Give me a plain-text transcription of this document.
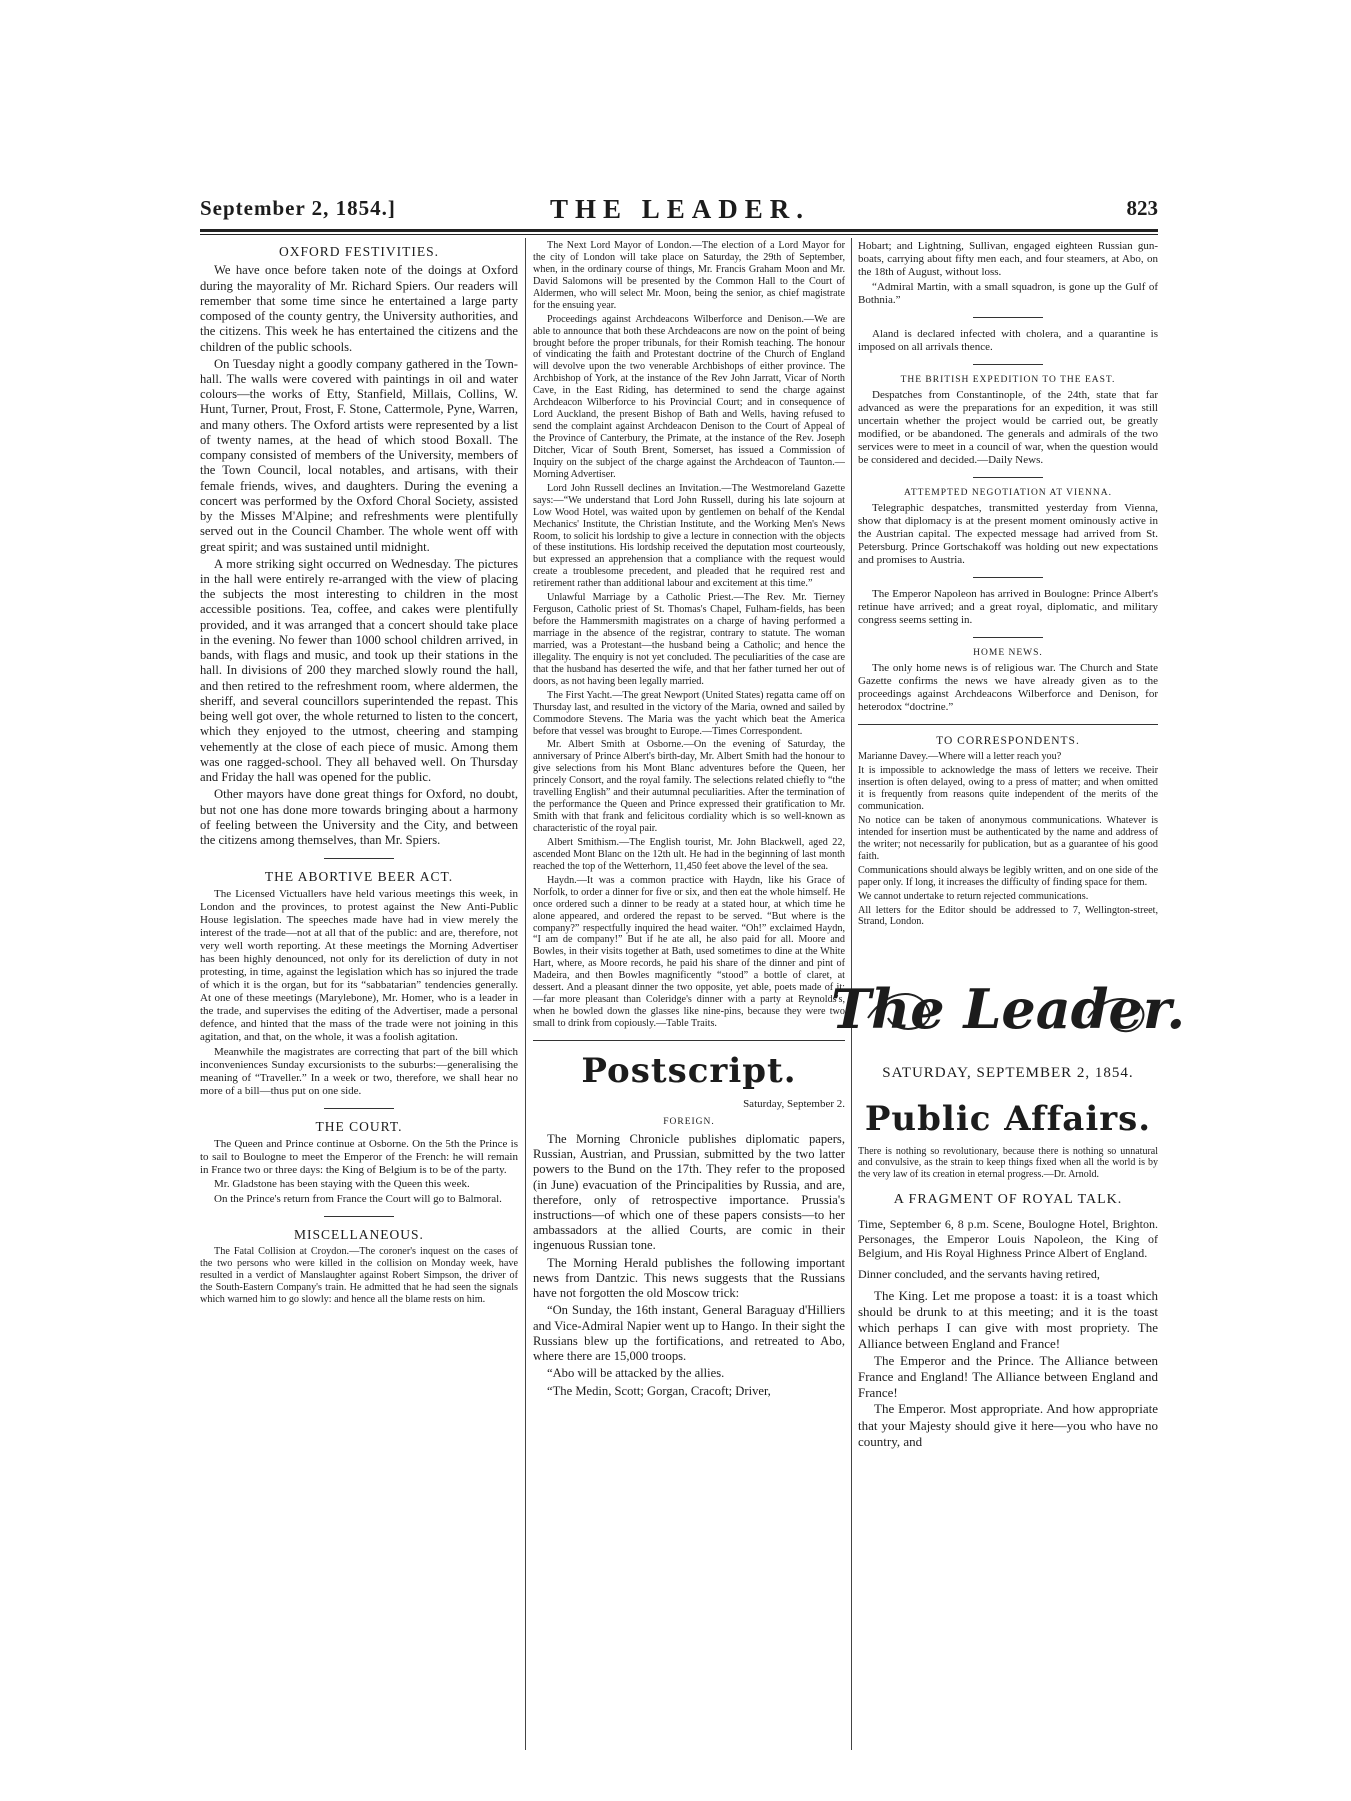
September 2, 1854.]	THE LEADER.	823
OXFORD FESTIVITIES.

We have once before taken note of the doings at Oxford during the mayorality of Mr. Richard Spiers. Our readers will remember that some time since he entertained a large party composed of the county gentry, the University authorities, and the citizens. This week he has entertained the citizens and the children of the public schools.

On Tuesday night a goodly company gathered in the Town-hall. The walls were covered with paintings in oil and water colours—the works of Etty, Stanfield, Millais, Collins, W. Hunt, Turner, Prout, Frost, F. Stone, Cattermole, Pyne, Warren, and many others. The Oxford artists were represented by a list of twenty names, at the head of which stood Boxall. The company consisted of members of the University, members of the Town Council, local notables, and artisans, with their female friends, wives, and daughters. During the evening a concert was performed by the Oxford Choral Society, assisted by the Misses M'Alpine; and refreshments were plentifully served out in the Council Chamber. The whole went off with great spirit; and was sustained until midnight.

A more striking sight occurred on Wednesday. The pictures in the hall were entirely re-arranged with the view of placing the subjects the most interesting to children in the most accessible positions. Tea, coffee, and cakes were plentifully provided, and it was arranged that a concert should take place in the evening. No fewer than 1000 school children arrived, in bands, with flags and music, and took up their stations in the hall. In divisions of 200 they marched slowly round the hall, and then retired to the refreshment room, where aldermen, the sheriff, and several councillors superintended the repast. This being well got over, the whole returned to listen to the concert, which they enjoyed to the utmost, cheering and stamping vehemently at the close of each piece of music. Among them was one ragged-school. They all behaved well. On Thursday and Friday the hall was opened for the public.

Other mayors have done great things for Oxford, no doubt, but not one has done more towards bringing about a harmony of feeling between the University and the City, and between the citizens among themselves, than Mr. Spiers.

THE ABORTIVE BEER ACT.

The Licensed Victuallers have held various meetings this week, in London and the provinces, to protest against the New Anti-Public House legislation. The speeches made have had in view merely the interest of the trade—not at all that of the public: and are, therefore, not very well worth reporting. At these meetings the Morning Advertiser has been highly denounced, not only for its dereliction of duty in not protesting, in time, against the legislation which has so injured the trade of which it is the organ, but for its “sabbatarian” tendencies generally. At one of these meetings (Marylebone), Mr. Homer, who is a leader in the trade, and supervises the editing of the Advertiser, made a personal defence, and hinted that the mass of the trade were not joining in this agitation, and that, on the whole, it was a foolish agitation.

Meanwhile the magistrates are correcting that part of the bill which inconveniences Sunday excursionists to the suburbs:—generalising the meaning of “Traveller.” In a week or two, therefore, we shall hear no more of a bill—thus put on one side.

THE COURT.

The Queen and Prince continue at Osborne. On the 5th the Prince is to sail to Boulogne to meet the Emperor of the French: he will remain in France two or three days: the King of Belgium is to be of the party.

Mr. Gladstone has been staying with the Queen this week.

On the Prince's return from France the Court will go to Balmoral.

MISCELLANEOUS.

The Fatal Collision at Croydon.—The coroner's inquest on the cases of the two persons who were killed in the collision on Monday week, have resulted in a verdict of Manslaughter against Robert Simpson, the driver of the South-Eastern Company's train. He admitted that he had seen the signals which warned him to go slowly: and hence all the blame rests on him.

The Next Lord Mayor of London.—The election of a Lord Mayor for the city of London will take place on Saturday, the 29th of September, when, in the ordinary course of things, Mr. Francis Graham Moon and Mr. David Salomons will be presented by the Common Hall to the Court of Aldermen, who will select Mr. Moon, being the senior, as chief magistrate for the ensuing year.

Proceedings against Archdeacons Wilberforce and Denison.—We are able to announce that both these Archdeacons are now on the point of being brought before the proper tribunals, for their Romish teaching. The honour of vindicating the faith and Protestant doctrine of the Church of England will devolve upon the two venerable Archbishops of either province. The Archbishop of York, at the instance of the Rev John Jarratt, Vicar of North Cave, in the East Riding, has determined to send the charge against Archdeacon Wilberforce to his Provincial Court; and in consequence of Lord Auckland, the present Bishop of Bath and Wells, having refused to send the complaint against Archdeacon Denison to the Court of Appeal of the Province of Canterbury, the Primate, at the instance of the Rev. Joseph Ditcher, Vicar of South Brent, Somerset, has issued a Commission of Inquiry on the subject of the charge against the Archdeacon of Taunton.—Morning Advertiser.

Lord John Russell declines an Invitation.—The Westmoreland Gazette says:—“We understand that Lord John Russell, during his late sojourn at Low Wood Hotel, was waited upon by gentlemen on behalf of the Kendal Mechanics' Institute, the Christian Institute, and the Working Men's News Room, to solicit his lordship to give a lecture in connection with the objects of these institutions. His lordship received the deputation most courteously, but expressed an apprehension that a compliance with the request would create a troublesome precedent, and pleaded that he required rest and retirement rather than additional labour and excitement at this time.”

Unlawful Marriage by a Catholic Priest.—The Rev. Mr. Tierney Ferguson, Catholic priest of St. Thomas's Chapel, Fulham-fields, has been before the Hammersmith magistrates on a charge of having performed a marriage in the absence of the registrar, contrary to statute. The woman married, was a Protestant—the husband being a Catholic; and hence the illegality. The enquiry is not yet concluded. The peculiarities of the case are that the husband has deserted the wife, and that her father turned her out of doors, as not having been legally married.

The First Yacht.—The great Newport (United States) regatta came off on Thursday last, and resulted in the victory of the Maria, owned and sailed by Commodore Stevens. The Maria was the yacht which beat the America before that vessel was brought to Europe.—Times Correspondent.

Mr. Albert Smith at Osborne.—On the evening of Saturday, the anniversary of Prince Albert's birth-day, Mr. Albert Smith had the honour to give selections from his Mont Blanc adventures before the Queen, her princely Consort, and the royal family. The selections related chiefly to “the travelling English” and their autumnal peculiarities. After the termination of the performance the Queen and Prince expressed their gratification to Mr. Smith with that frank and felicitous cordiality which is so well-known as characteristic of the royal pair.

Albert Smithism.—The English tourist, Mr. John Blackwell, aged 22, ascended Mont Blanc on the 12th ult. He had in the beginning of last month reached the top of the Wetterhorn, 11,450 feet above the level of the sea.

Haydn.—It was a common practice with Haydn, like his Grace of Norfolk, to order a dinner for five or six, and then eat the whole himself. He once ordered such a dinner to be ready at a stated hour, at which time he alone appeared, and ordered the repast to be served. “But where is the company?” respectfully inquired the head waiter. “Oh!” exclaimed Haydn, “I am de company!” But if he ate all, he also paid for all. Moore and Bowles, in their visits together at Bath, used sometimes to dine at the White Hart, where, as Moore records, he paid his share of the dinner and pint of Madeira, and then Bowles magnificently “stood” a bottle of claret, at dessert. And a pleasant dinner the two opposite, yet able, poets made of it;—far more pleasant than Coleridge's dinner with a party at Reynolds's, when he bowled down the glasses like nine-pins, because they were two small to drink from copiously.—Table Traits.

Postscript.
Saturday, September 2.
FOREIGN.

The Morning Chronicle publishes diplomatic papers, Russian, Austrian, and Prussian, submitted by the two latter powers to the Bund on the 17th. They refer to the proposed (in June) evacuation of the Principalities by Russia, and are, therefore, only of retrospective importance. Prussia's instructions—of which one of these papers consists—to her ambassadors at the allied Courts, are comic in their ingenuous Russian tone.

The Morning Herald publishes the following important news from Dantzic. This news suggests that the Russians have not forgotten the old Moscow trick:

“On Sunday, the 16th instant, General Baraguay d'Hilliers and Vice-Admiral Napier went up to Hango. In their sight the Russians blew up the fortifications, and retreated to Abo, where there are 15,000 troops.

“Abo will be attacked by the allies.

“The Medin, Scott; Gorgan, Cracoft; Driver,

Hobart; and Lightning, Sullivan, engaged eighteen Russian gun-boats, carrying about fifty men each, and four steamers, at Abo, on the 18th of August, without loss.

“Admiral Martin, with a small squadron, is gone up the Gulf of Bothnia.”

Aland is declared infected with cholera, and a quarantine is imposed on all arrivals thence.

THE BRITISH EXPEDITION TO THE EAST.

Despatches from Constantinople, of the 24th, state that far advanced as were the preparations for an expedition, it was still uncertain whether the project would be carried out, be greatly modified, or be abandoned. The generals and admirals of the two services were to meet in a council of war, when the question would be considered and decided.—Daily News.

ATTEMPTED NEGOTIATION AT VIENNA.

Telegraphic despatches, transmitted yesterday from Vienna, show that diplomacy is at the present moment ominously active in the Austrian capital. The expected message had arrived from St. Petersburg. Prince Gortschakoff was holding out new expectations and promises to Austria.

The Emperor Napoleon has arrived in Boulogne: Prince Albert's retinue have arrived; and a great royal, diplomatic, and military congress seems setting in.

HOME NEWS.

The only home news is of religious war. The Church and State Gazette confirms the news we have already given as to the proceedings against Archdeacons Wilberforce and Denison, for heterodox “doctrine.”

TO CORRESPONDENTS.

Marianne Davey.—Where will a letter reach you?

It is impossible to acknowledge the mass of letters we receive. Their insertion is often delayed, owing to a press of matter; and when omitted it is frequently from reasons quite independent of the merits of the communication.

No notice can be taken of anonymous communications. Whatever is intended for insertion must be authenticated by the name and address of the writer; not necessarily for publication, but as a guarantee of his good faith.

Communications should always be legibly written, and on one side of the paper only. If long, it increases the difficulty of finding space for them.

We cannot undertake to return rejected communications.

All letters for the Editor should be addressed to 7, Wellington-street, Strand, London.

The Leader.
SATURDAY, SEPTEMBER 2, 1854.
Public Affairs.
There is nothing so revolutionary, because there is nothing so unnatural and convulsive, as the strain to keep things fixed when all the world is by the very law of its creation in eternal progress.—Dr. Arnold.
A FRAGMENT OF ROYAL TALK.
Time, September 6, 8 p.m. Scene, Boulogne Hotel, Brighton. Personages, the Emperor Louis Napoleon, the King of Belgium, and His Royal Highness Prince Albert of England.
Dinner concluded, and the servants having retired,

The King. Let me propose a toast: it is a toast which should be drunk to at this meeting; and it is the toast which perhaps I can give with most propriety. The Alliance between England and France!

The Emperor and the Prince. The Alliance between France and England! The Alliance between England and France!

The Emperor. Most appropriate. And how appropriate that your Majesty should give it here—you who have no country, and
